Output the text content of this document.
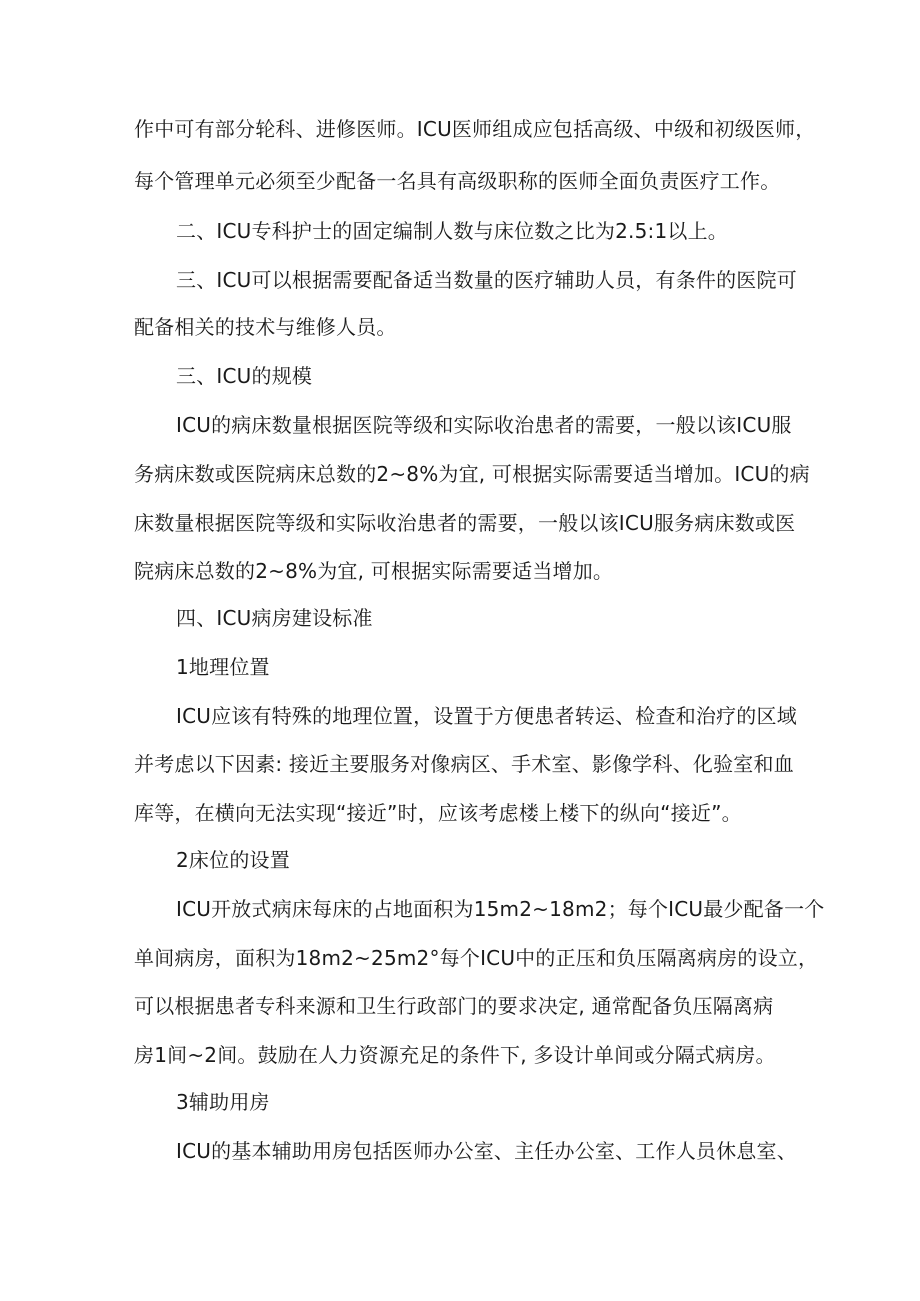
作中可有部分轮科、进修医师。ICU医师组成应包括高级、中级和初级医师，
每个管理单元必须至少配备一名具有高级职称的医师全面负责医疗工作。
二、ICU专科护士的固定编制人数与床位数之比为2.5:1以上。
三、ICU可以根据需要配备适当数量的医疗辅助人员，有条件的医院可
配备相关的技术与维修人员。
三、ICU的规模
ICU的病床数量根据医院等级和实际收治患者的需要，一般以该ICU服
务病床数或医院病床总数的2~8%为宜, 可根据实际需要适当增加。ICU的病
床数量根据医院等级和实际收治患者的需要，一般以该ICU服务病床数或医
院病床总数的2~8%为宜, 可根据实际需要适当增加。
四、ICU病房建设标准
1地理位置
ICU应该有特殊的地理位置，设置于方便患者转运、检查和治疗的区域
并考虑以下因素: 接近主要服务对像病区、手术室、影像学科、化验室和血
库等，在横向无法实现“接近”时，应该考虑楼上楼下的纵向“接近”。
2床位的设置
ICU开放式病床每床的占地面积为15m2~18m2；每个ICU最少配备一个
单间病房，面积为18m2~25m2°每个ICU中的正压和负压隔离病房的设立，
可以根据患者专科来源和卫生行政部门的要求决定, 通常配备负压隔离病
房1间~2间。鼓励在人力资源充足的条件下, 多设计单间或分隔式病房。
3辅助用房
ICU的基本辅助用房包括医师办公室、主任办公室、工作人员休息室、
